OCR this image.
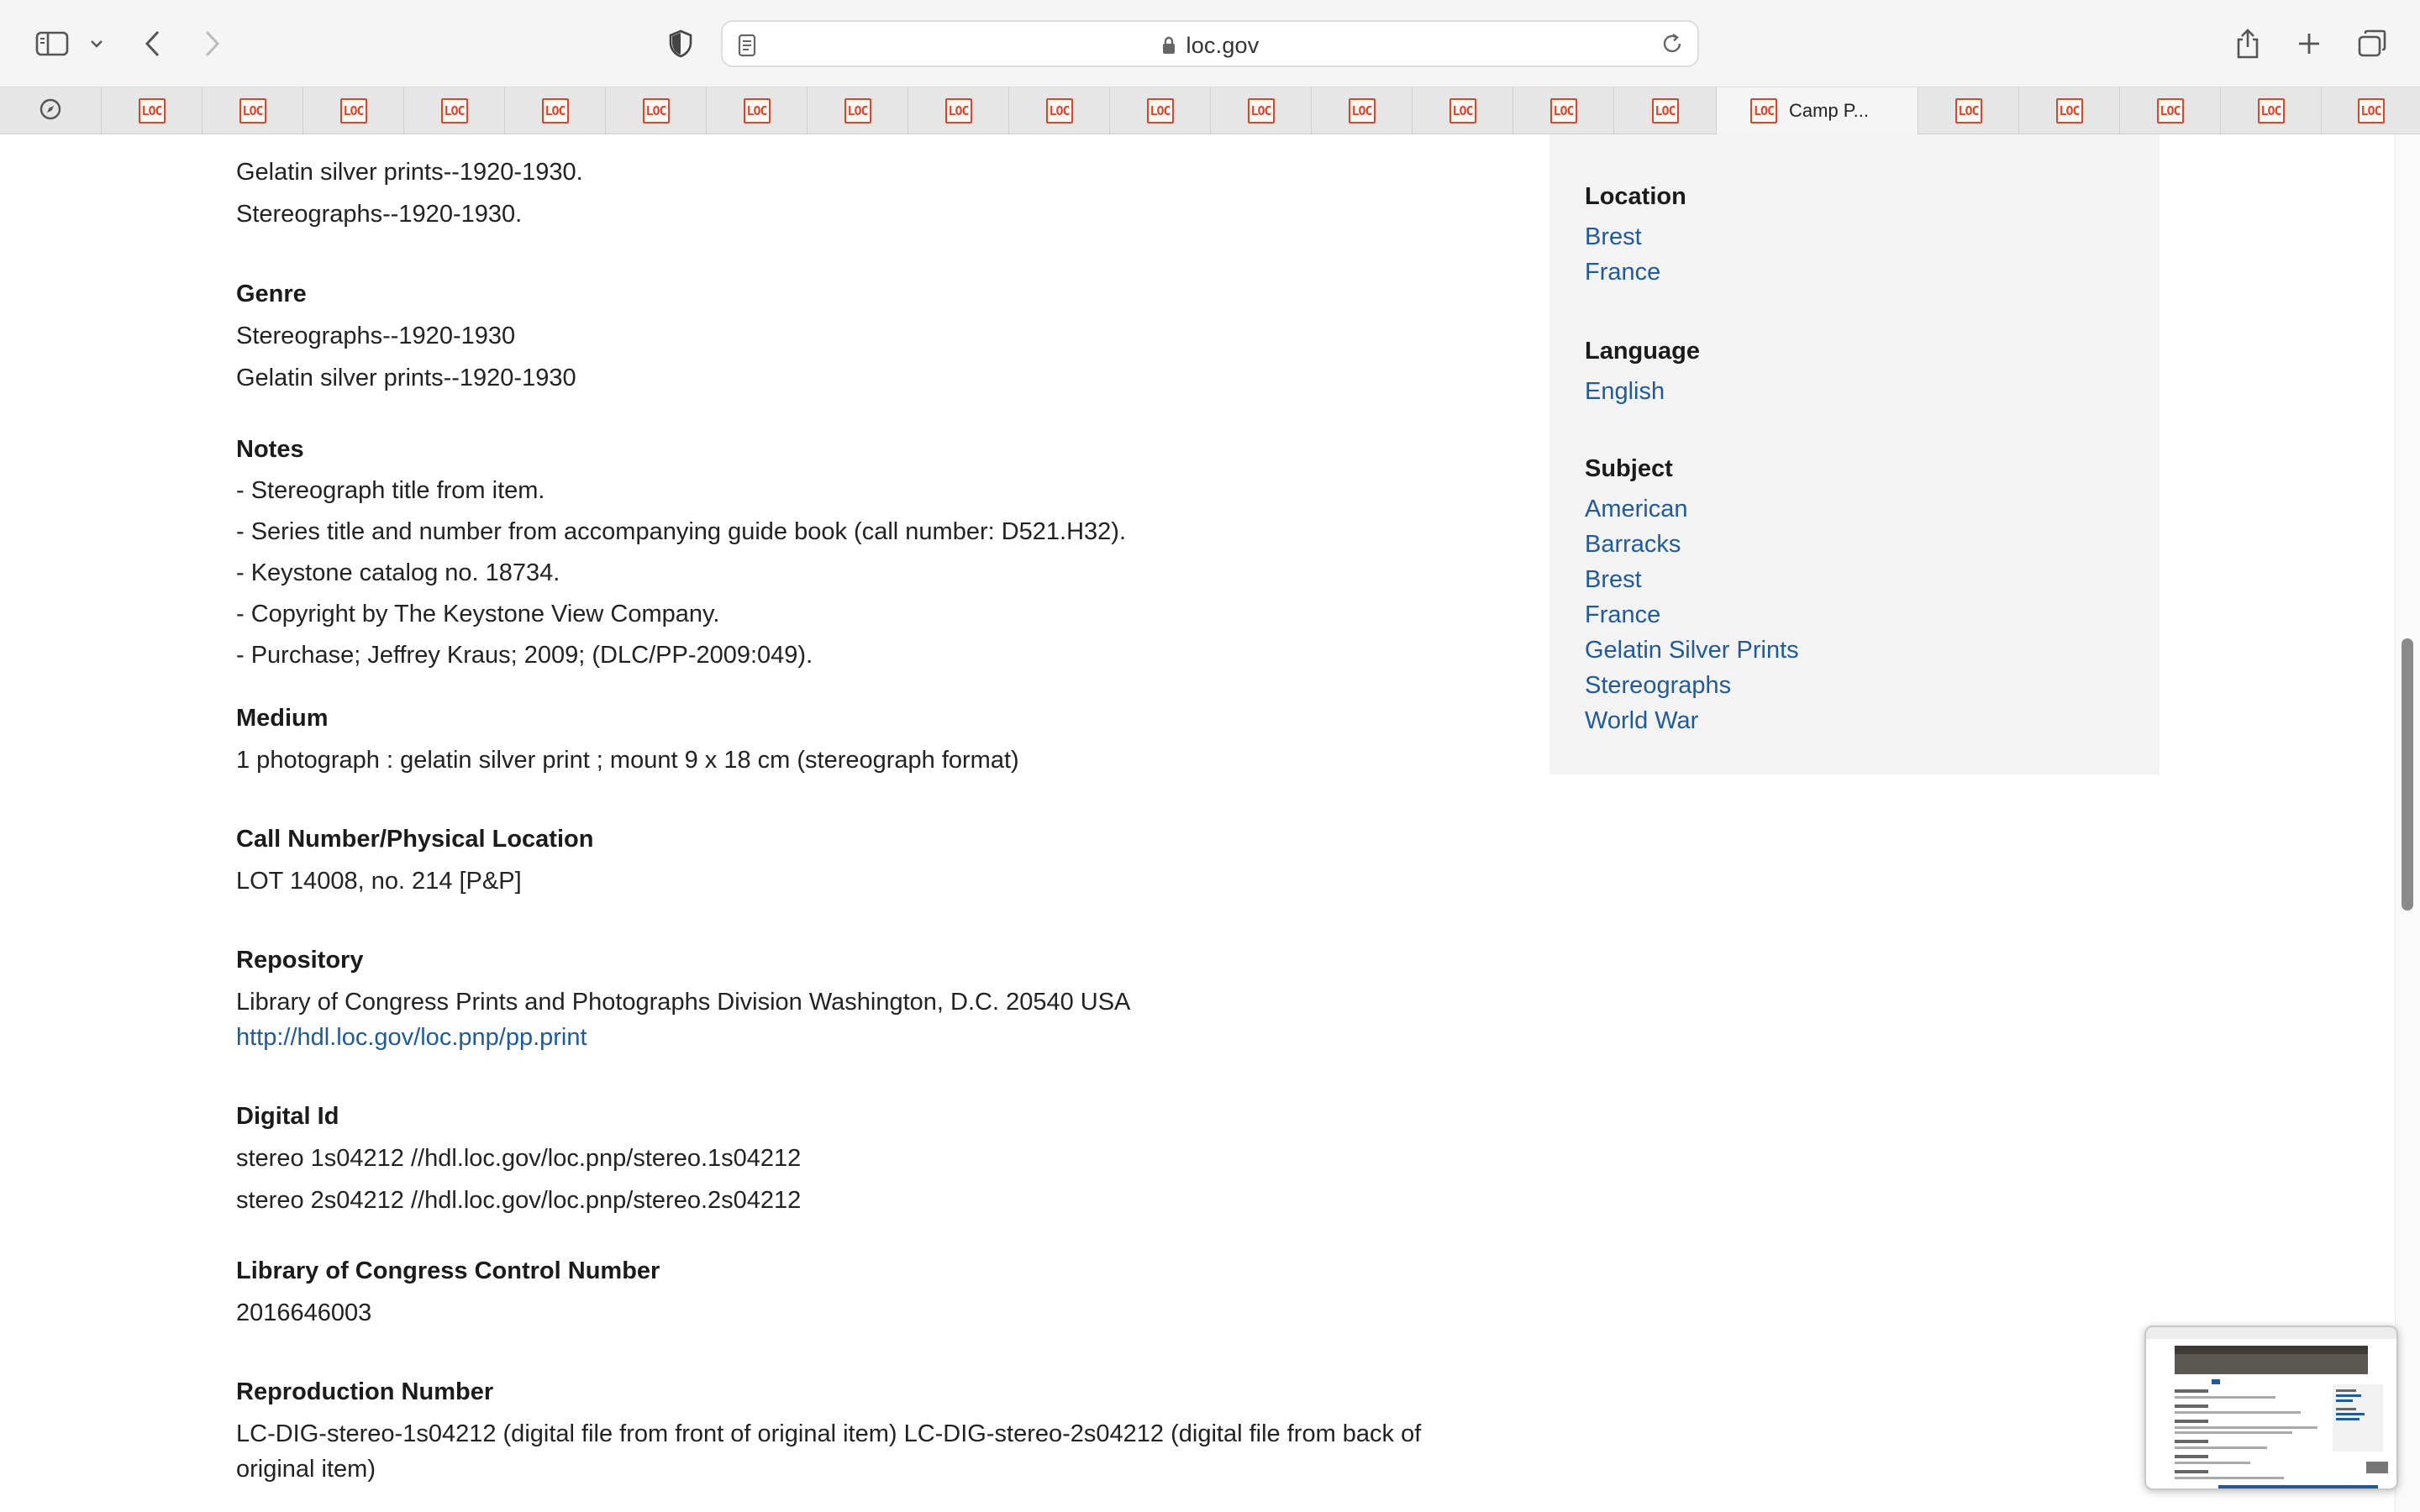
loc.gov
LOC	LOC	LOC	LOC	LOC	LOC	LOC	LOC	LOC	LOC	LOC	LOC	LOC	LOC	LOC	LOC	LOC Camp P...	LOC	LOC	LOC	LOC	LOC
Gelatin silver prints--1920-1930.
Stereographs--1920-1930.
Genre
Stereographs--1920-1930
Gelatin silver prints--1920-1930
Notes
- Stereograph title from item.
- Series title and number from accompanying guide book (call number: D521.H32).
- Keystone catalog no. 18734.
- Copyright by The Keystone View Company.
- Purchase; Jeffrey Kraus; 2009; (DLC/PP-2009:049).
Medium
1 photograph : gelatin silver print ; mount 9 x 18 cm (stereograph format)
Call Number/Physical Location
LOT 14008, no. 214 [P&P]
Repository
Library of Congress Prints and Photographs Division Washington, D.C. 20540 USA
http://hdl.loc.gov/loc.pnp/pp.print
Digital Id
stereo 1s04212 //hdl.loc.gov/loc.pnp/stereo.1s04212
stereo 2s04212 //hdl.loc.gov/loc.pnp/stereo.2s04212
Library of Congress Control Number
2016646003
Reproduction Number
LC-DIG-stereo-1s04212 (digital file from front of original item) LC-DIG-stereo-2s04212 (digital file from back of
original item)
Location
Brest
France
Language
English
Subject
American
Barracks
Brest
France
Gelatin Silver Prints
Stereographs
World War
